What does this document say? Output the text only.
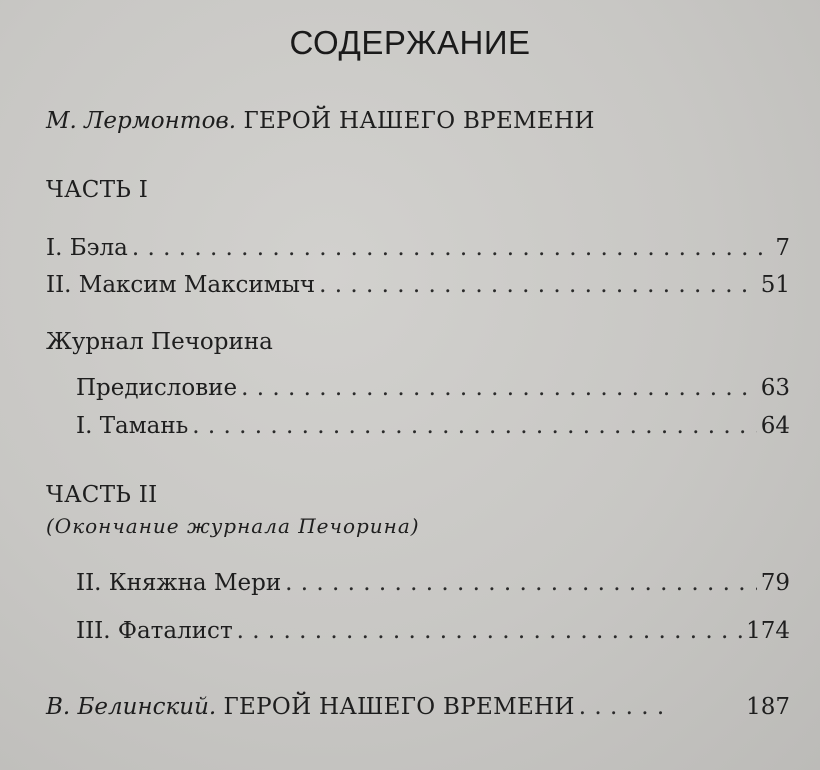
СОДЕРЖАНИЕ
М. Лермонтов. ГЕРОЙ НАШЕГО ВРЕМЕНИ
ЧАСТЬ I
I. Бэла . . .	7
II. Максим Максимыч . . .	51
Журнал Печорина
Предисловие . . .	63
I. Тамань . . .	64
ЧАСТЬ II
(Окончание журнала Печорина)
II. Княжна Мери . . .	79
III. Фаталист . . .	174
В. Белинский. ГЕРОЙ НАШЕГО ВРЕМЕНИ . . .	187
